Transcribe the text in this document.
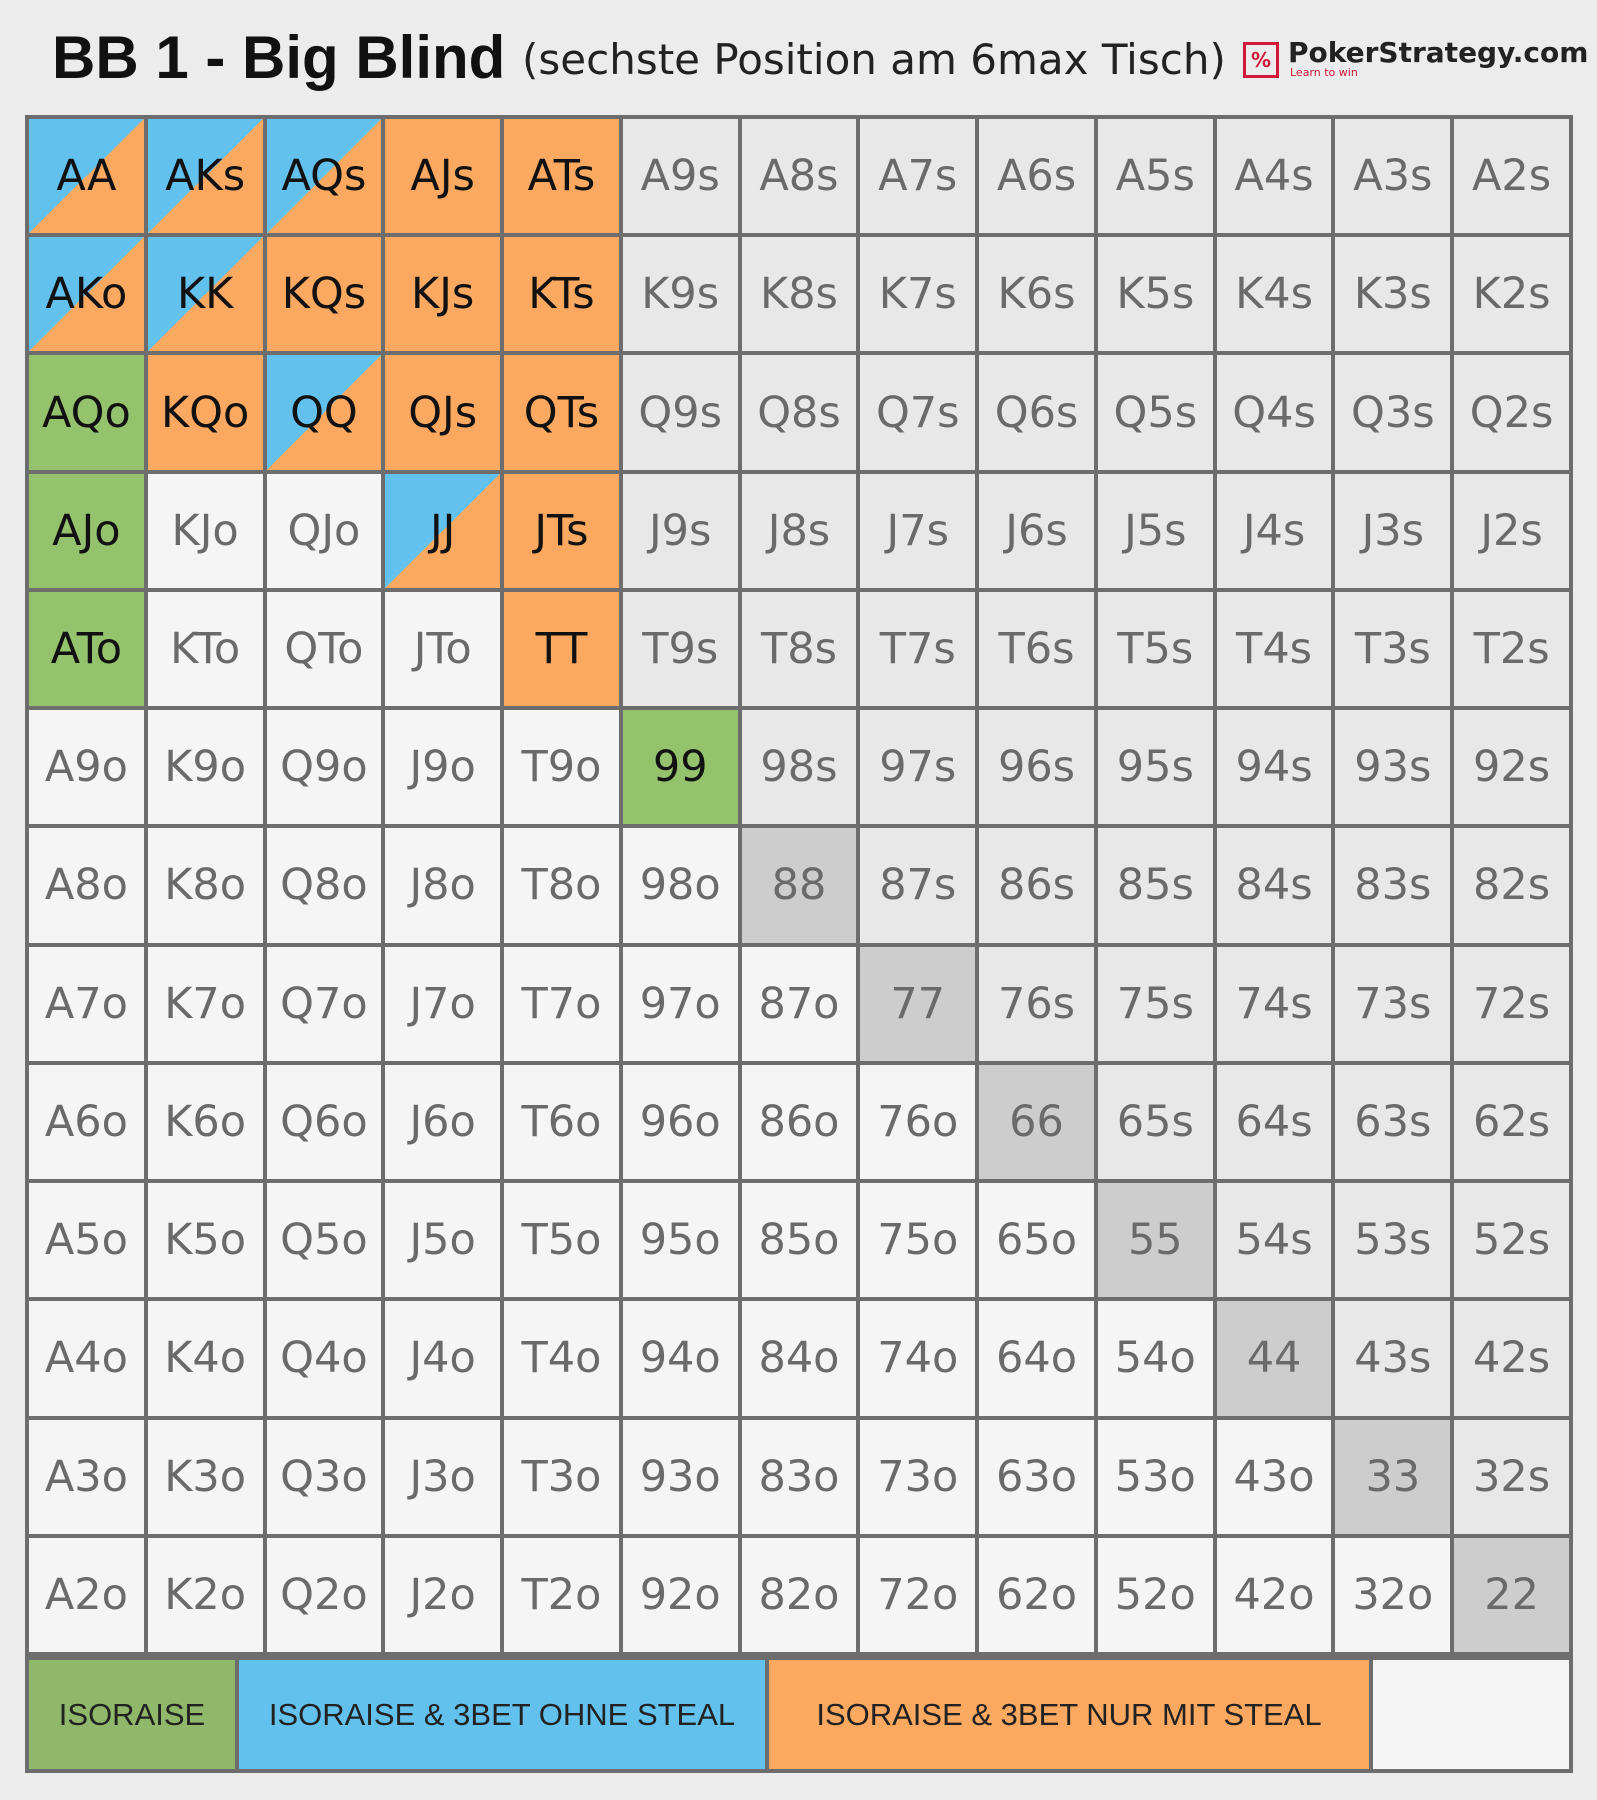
BB 1 - Big Blind (sechste Position am 6max Tisch)	% PokerStrategy.com
Learn to win
AA AKs AQs AJs ATs A9s A8s A7s A6s A5s A4s A3s A2s
AKo KK KQs KJs KTs K9s K8s K7s K6s K5s K4s K3s K2s
AQo KQo QQ QJs QTs Q9s Q8s Q7s Q6s Q5s Q4s Q3s Q2s
AJo KJo QJo JJ JTs J9s J8s J7s J6s J5s J4s J3s J2s
ATo KTo QTo JTo TT T9s T8s T7s T6s T5s T4s T3s T2s
A9o K9o Q9o J9o T9o 99 98s 97s 96s 95s 94s 93s 92s
A8o K8o Q8o J8o T8o 98o 88 87s 86s 85s 84s 83s 82s
A7o K7o Q7o J7o T7o 97o 87o 77 76s 75s 74s 73s 72s
A6o K6o Q6o J6o T6o 96o 86o 76o 66 65s 64s 63s 62s
A5o K5o Q5o J5o T5o 95o 85o 75o 65o 55 54s 53s 52s
A4o K4o Q4o J4o T4o 94o 84o 74o 64o 54o 44 43s 42s
A3o K3o Q3o J3o T3o 93o 83o 73o 63o 53o 43o 33 32s
A2o K2o Q2o J2o T2o 92o 82o 72o 62o 52o 42o 32o 22
ISORAISE	ISORAISE & 3BET OHNE STEAL	ISORAISE & 3BET NUR MIT STEAL
